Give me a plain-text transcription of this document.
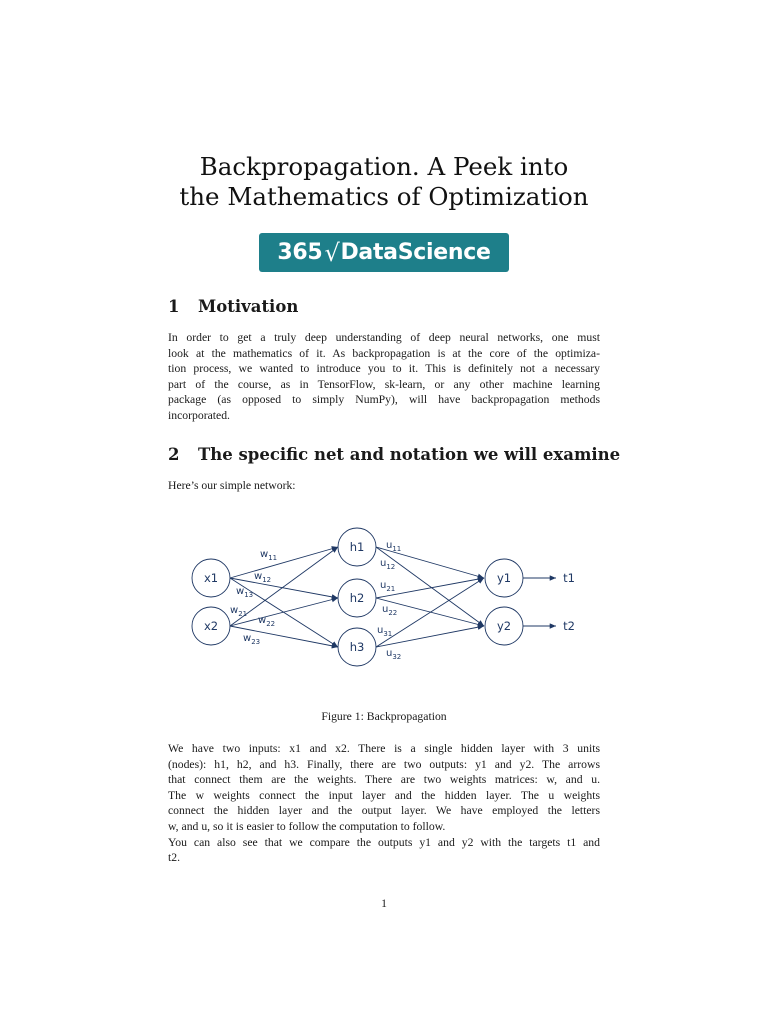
Backpropagation. A Peek into
the Mathematics of Optimization
365 √ DataScience
1 Motivation
In order to get a truly deep understanding of deep neural networks, one must
look at the mathematics of it. As backpropagation is at the core of the optimiza-
tion process, we wanted to introduce you to it. This is definitely not a necessary
part of the course, as in TensorFlow, sk-learn, or any other machine learning
package (as opposed to simply NumPy), will have backpropagation methods
incorporated.
2 The specific net and notation we will examine
Here’s our simple network:
x1
x2
h1
h2
h3
y1
y2
t1
t2
$w_{11}$
$w_{12}$
$w_{13}$
$w_{21}$
$w_{22}$
$w_{23}$
$u_{11}$
$u_{12}$
$u_{21}$
$u_{22}$
$u_{31}$
$u_{32}$
Figure 1: Backpropagation
We have two inputs: x1 and x2. There is a single hidden layer with 3 units
(nodes): h1, h2, and h3. Finally, there are two outputs: y1 and y2. The arrows
that connect them are the weights. There are two weights matrices: w, and u.
The w weights connect the input layer and the hidden layer. The u weights
connect the hidden layer and the output layer. We have employed the letters
w, and u, so it is easier to follow the computation to follow.
You can also see that we compare the outputs y1 and y2 with the targets t1 and
t2.
1
